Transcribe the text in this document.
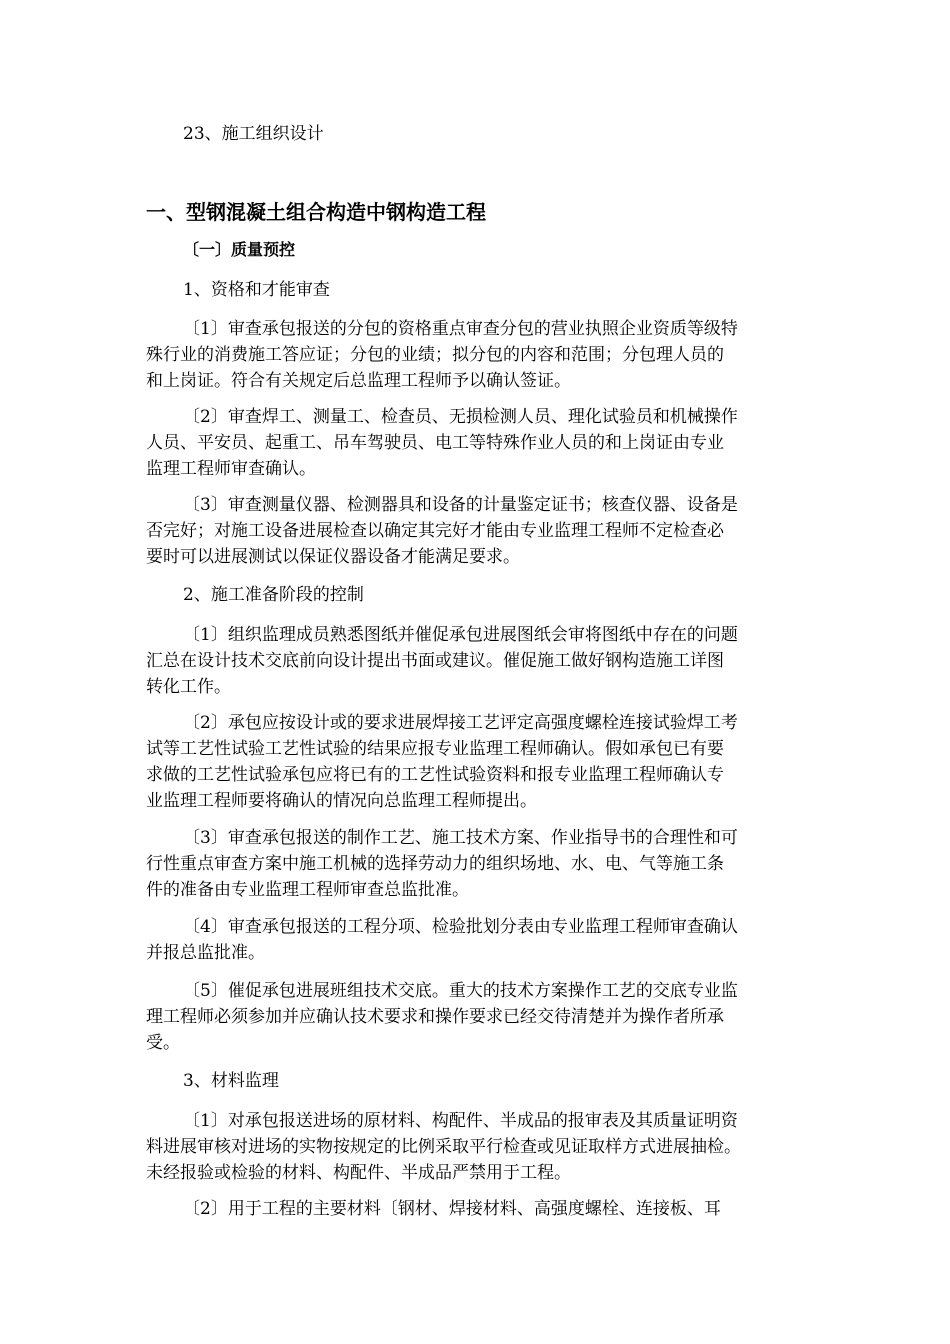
23、施工组织设计
一、型钢混凝土组合构造中钢构造工程
〔一〕质量预控
1、资格和才能审查
〔1〕审查承包报送的分包的资格重点审查分包的营业执照企业资质等级特
殊行业的消费施工答应证；分包的业绩；拟分包的内容和范围；分包理人员的
和上岗证。符合有关规定后总监理工程师予以确认签证。
〔2〕审查焊工、测量工、检查员、无损检测人员、理化试验员和机械操作
人员、平安员、起重工、吊车驾驶员、电工等特殊作业人员的和上岗证由专业
监理工程师审查确认。
〔3〕审查测量仪器、检测器具和设备的计量鉴定证书；核查仪器、设备是
否完好；对施工设备进展检查以确定其完好才能由专业监理工程师不定检查必
要时可以进展测试以保证仪器设备才能满足要求。
2、施工准备阶段的控制
〔1〕组织监理成员熟悉图纸并催促承包进展图纸会审将图纸中存在的问题
汇总在设计技术交底前向设计提出书面或建议。催促施工做好钢构造施工详图
转化工作。
〔2〕承包应按设计或的要求进展焊接工艺评定高强度螺栓连接试验焊工考
试等工艺性试验工艺性试验的结果应报专业监理工程师确认。假如承包已有要
求做的工艺性试验承包应将已有的工艺性试验资料和报专业监理工程师确认专
业监理工程师要将确认的情况向总监理工程师提出。
〔3〕审查承包报送的制作工艺、施工技术方案、作业指导书的合理性和可
行性重点审查方案中施工机械的选择劳动力的组织场地、水、电、气等施工条
件的准备由专业监理工程师审查总监批准。
〔4〕审查承包报送的工程分项、检验批划分表由专业监理工程师审查确认
并报总监批准。
〔5〕催促承包进展班组技术交底。重大的技术方案操作工艺的交底专业监
理工程师必须参加并应确认技术要求和操作要求已经交待清楚并为操作者所承
受。
3、材料监理
〔1〕对承包报送进场的原材料、构配件、半成品的报审表及其质量证明资
料进展审核对进场的实物按规定的比例采取平行检查或见证取样方式进展抽检。
未经报验或检验的材料、构配件、半成品严禁用于工程。
〔2〕用于工程的主要材料〔钢材、焊接材料、高强度螺栓、连接板、耳
